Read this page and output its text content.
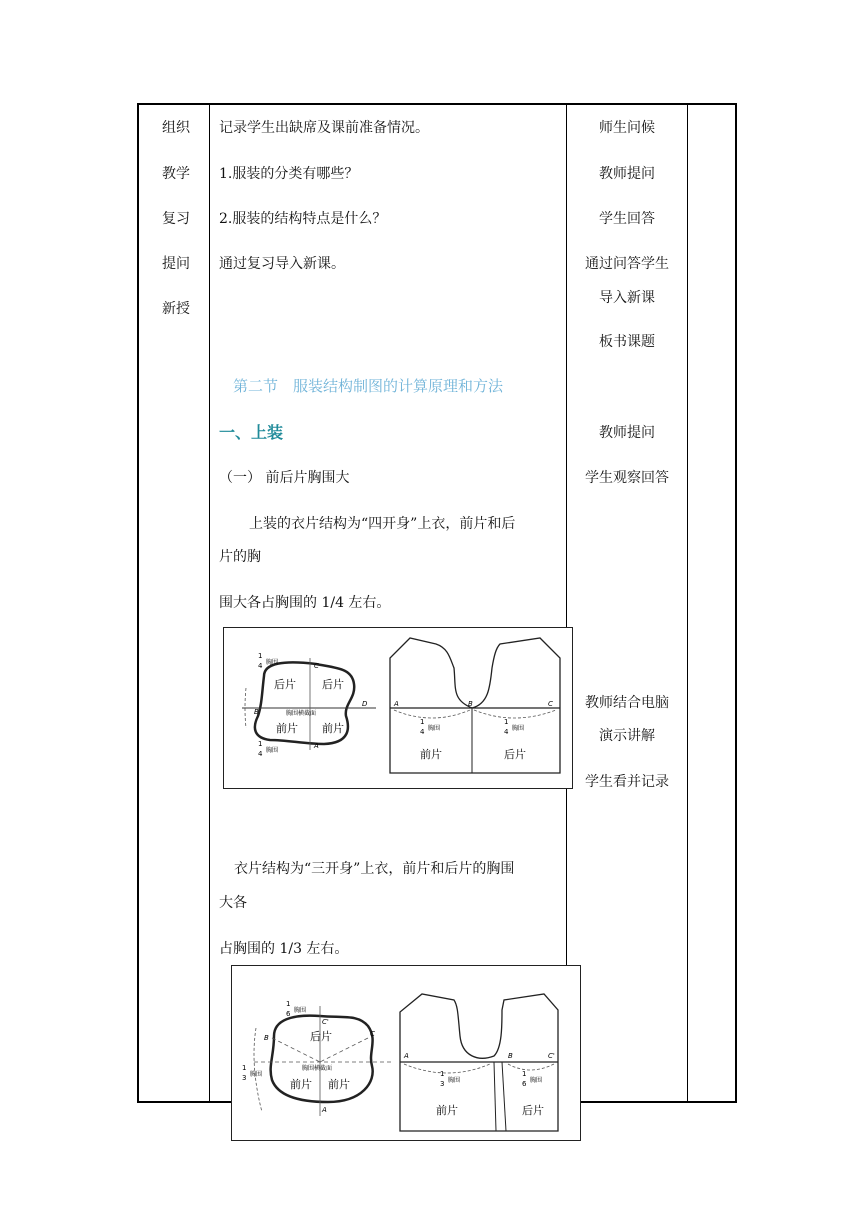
组织
教学
复习
提问
新授
记录学生出缺席及课前准备情况。
1.服装的分类有哪些？
2.服装的结构特点是什么？
通过复习导入新课。
第二节　服装结构制图的计算原理和方法
一、上装
（一） 前后片胸围大
上装的衣片结构为“四开身”上衣，前片和后
片的胸
围大各占胸围的 1/4 左右。
衣片结构为“三开身”上衣，前片和后片的胸围
大各
占胸围的 1/3 左右。
师生问候
教师提问
学生回答
通过问答学生
导入新课
板书课题
教师提问
学生观察回答
教师结合电脑
演示讲解
学生看并记录
后片 后片
前片 前片
胸围横截面
1
4 胸围
1
4 胸围
C
A
B
D	A	B	C
1
4 胸围
1
4 胸围
前片	后片
后片
前片 前片
胸围横截面
1
6 胸围
1
3 胸围
C'
C
B
A
A	B	C'
1
3 胸围
1
6 胸围
前片	后片
